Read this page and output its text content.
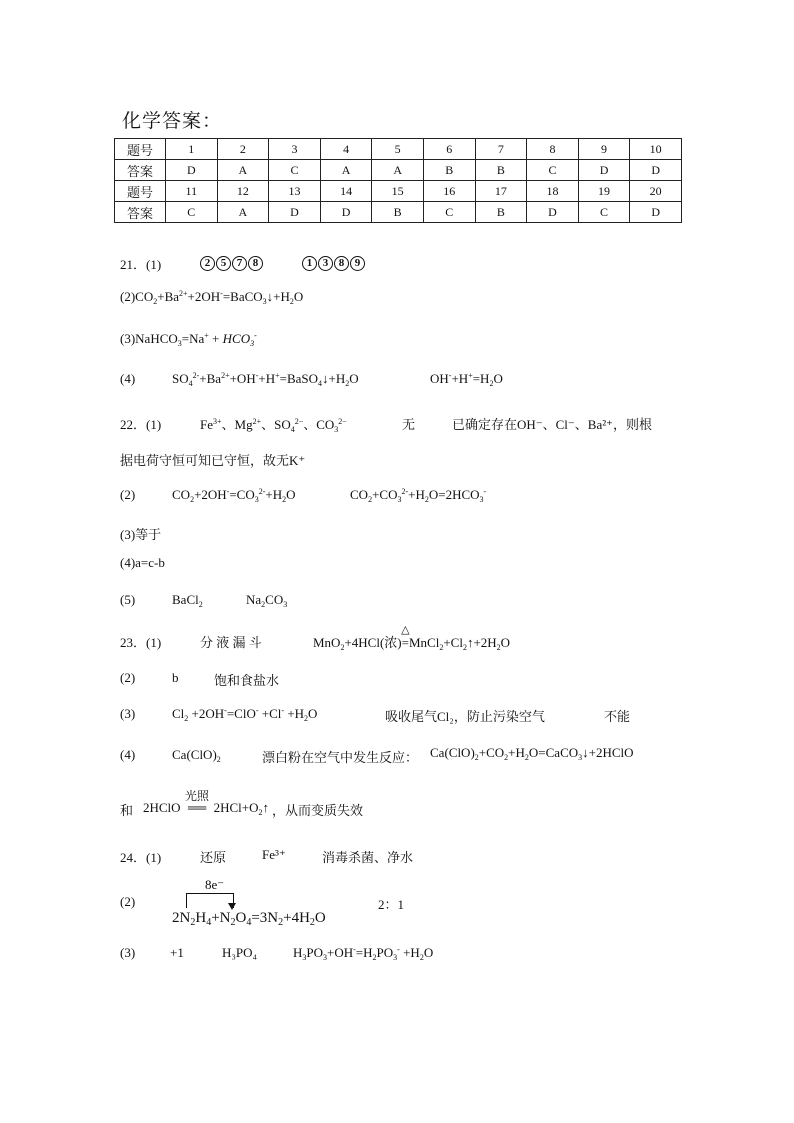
化学答案：
题号	1	2	3	4	5	6	7	8	9	10
答案	D	A	C	A	A	B	B	C	D	D
题号	11	12	13	14	15	16	17	18	19	20
答案	C	A	D	D	B	C	B	D	C	D
21．(1)	2 5 7 8	1 3 8 9
$(2)CO_2+Ba^{2+}+2OH^-=BaCO_3↓+H_2O$
(3)NaHCO$_3$=Na+ + $HCO_3^-$
(4)	$SO_4^{2-}+Ba^{2+}+OH^-+H^+=BaSO_4↓+H_2O$	$OH^-+H^+=H_2O$
22．(1)	$Fe^{3+}$、$Mg^{2+}$、$SO_4^{2-}$、$CO_3^{2-}$	无	已确定存在OH⁻、Cl⁻、Ba²⁺，则根
据电荷守恒可知已守恒，故无K⁺
(2)	$CO_2+2OH^-=CO_3^{2-}+H_2O$	$CO_2+CO_3^{2-}+H_2O=2HCO_3^-$
(3)等于
(4)a=c-b
(5)	BaCl$_2$	$Na_2CO_3$
23．(1)	分 液 漏 斗	MnO$_2$+4HCl(浓)
△
$=MnCl_2+Cl_2↑+2H_2O$
(2)	b	饱和食盐水
(3)	$Cl_2 +2OH^-=ClO^- +Cl^- +H_2O$	吸收尾气Cl₂，防止污染空气	不能
(4)	$Ca(ClO)_2$	漂白粉在空气中发生反应： $Ca(ClO)_2+CO_2+H_2O=CaCO_3↓+2HClO$
和 2HClO
光照
══ $2HCl+O_2↑$ ，从而变质失效
24．(1)	还原	Fe³⁺	消毒杀菌、净水
(2)
8e⁻
$2N_2H_4+N_2O_4=3N_2+4H_2O$
2：1
(3)	+1	H₃PO₄	$H_3PO_3+OH^-=H_2PO_3^- +H_2O$
